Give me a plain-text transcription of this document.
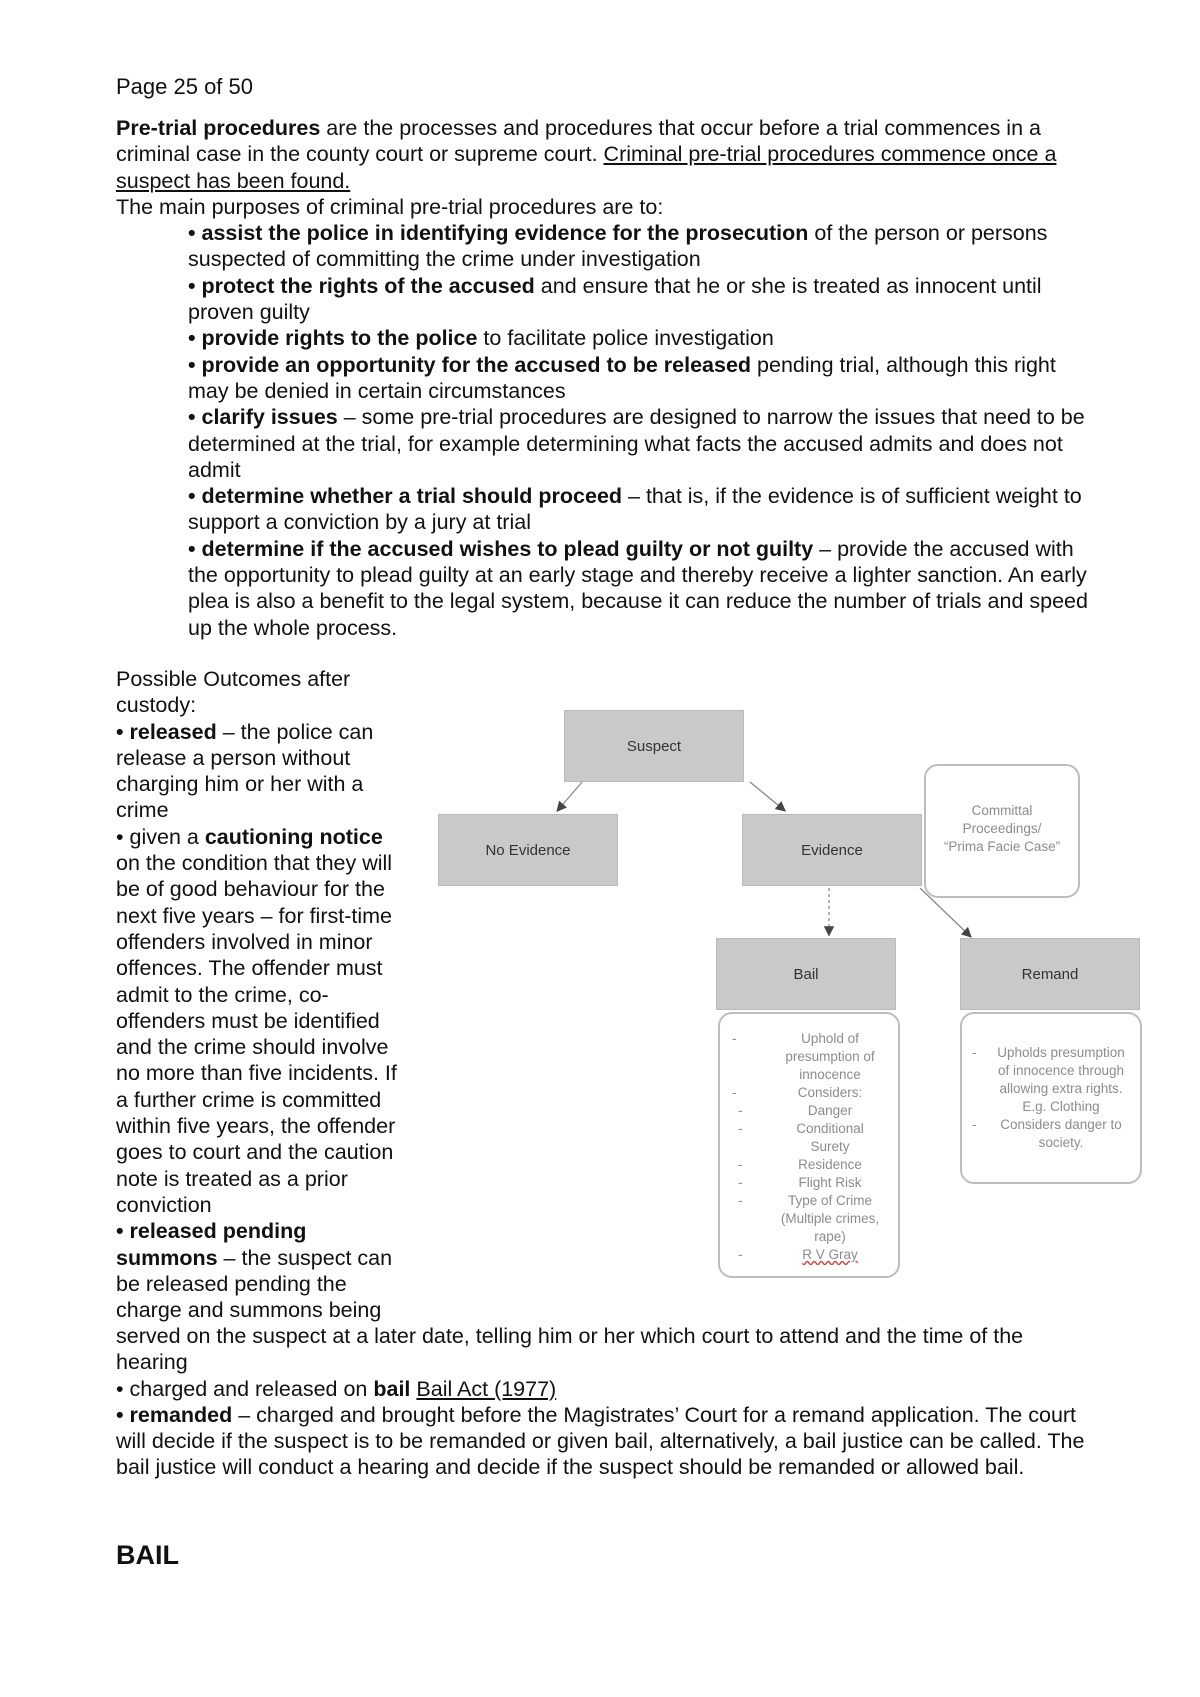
Page 25 of 50

Pre-trial procedures are the processes and procedures that occur before a trial commences in a criminal case in the county court or supreme court. Criminal pre-trial procedures commence once a suspect has been found.

The main purposes of criminal pre-trial procedures are to:

• assist the police in identifying evidence for the prosecution of the person or persons suspected of committing the crime under investigation
• protect the rights of the accused and ensure that he or she is treated as innocent until proven guilty
• provide rights to the police to facilitate police investigation
• provide an opportunity for the accused to be released pending trial, although this right may be denied in certain circumstances
• clarify issues – some pre-trial procedures are designed to narrow the issues that need to be determined at the trial, for example determining what facts the accused admits and does not admit
• determine whether a trial should proceed – that is, if the evidence is of sufficient weight to support a conviction by a jury at trial
• determine if the accused wishes to plead guilty or not guilty – provide the accused with the opportunity to plead guilty at an early stage and thereby receive a lighter sanction. An early plea is also a benefit to the legal system, because it can reduce the number of trials and speed up the whole process.

Possible Outcomes after custody:

• released – the police can release a person without charging him or her with a crime

• given a cautioning notice on the condition that they will be of good behaviour for the next five years – for first-time offenders involved in minor offences. The offender must admit to the crime, co-offenders must be identified and the crime should involve no more than five incidents. If a further crime is committed within five years, the offender goes to court and the caution note is treated as a prior conviction

• released pending summons – the suspect can be released pending the charge and summons being

served on the suspect at a later date, telling him or her which court to attend and the time of the hearing

• charged and released on bail Bail Act (1977)

• remanded – charged and brought before the Magistrates’ Court for a remand application. The court will decide if the suspect is to be remanded or given bail, alternatively, a bail justice can be called. The bail justice will conduct a hearing and decide if the suspect should be remanded or allowed bail.

Suspect
No Evidence	Evidence
Committal
Proceedings/
“Prima Facie Case”
Bail	Remand
-	Uphold of
presumption of
innocence
-	Considers:
-	Danger
-	Conditional
Surety
-	Residence
-	Flight Risk
-	Type of Crime
(Multiple crimes,
rape)
-	R V Gray
- Upholds presumption
of innocence through
allowing extra rights.
E.g. Clothing
- Considers danger to
society.
BAIL
